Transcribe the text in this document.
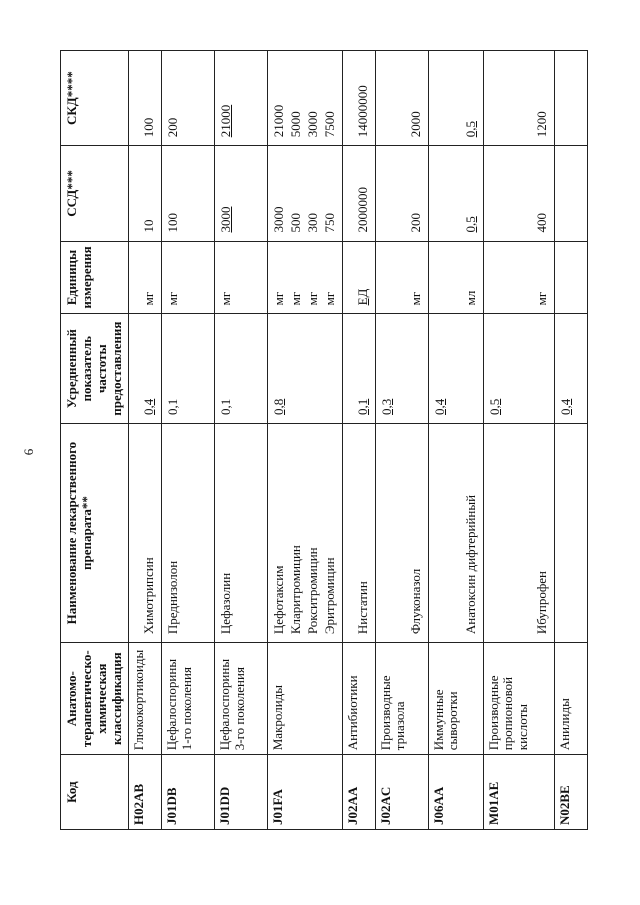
6
Код	Анатомо-терапевтическо-химическая классификация	Наименование лекарственного препарата**	Усредненный показатель частоты предоставления	Единицы измерения	ССД***	СКД****
H02AB	Глюкокортикоиды	Химотрипсин	0,4	мг	10	100

J01DB	Цефалоспорины 1-го поколения	Преднизолон	0,1	мг	100	200

J01DD	Цефалоспорины 3-го поколения	Цефазолин	0,1	мг	3000	21000

J01FA	Макролиды	Цефотаксим Кларитромицин Рокситромицин Эритромицин	0,8	мг мг мг мг	3000 500 300 750	21000 5000 3000 7500

J02AA	Антибиотики	Нистатин	0,1	ЕД	2000000	14000000

J02AC	Производные триазола	Флуконазол	0,3	мг	200	2000

J06AA	Иммунные сыворотки	Анатоксин дифтерийный	0,4	мл	0,5	0,5

M01AE	Производные пропионовой кислоты	Ибупрофен	0,5	мг	400	1200

N02BE	Анилиды		0,4			
